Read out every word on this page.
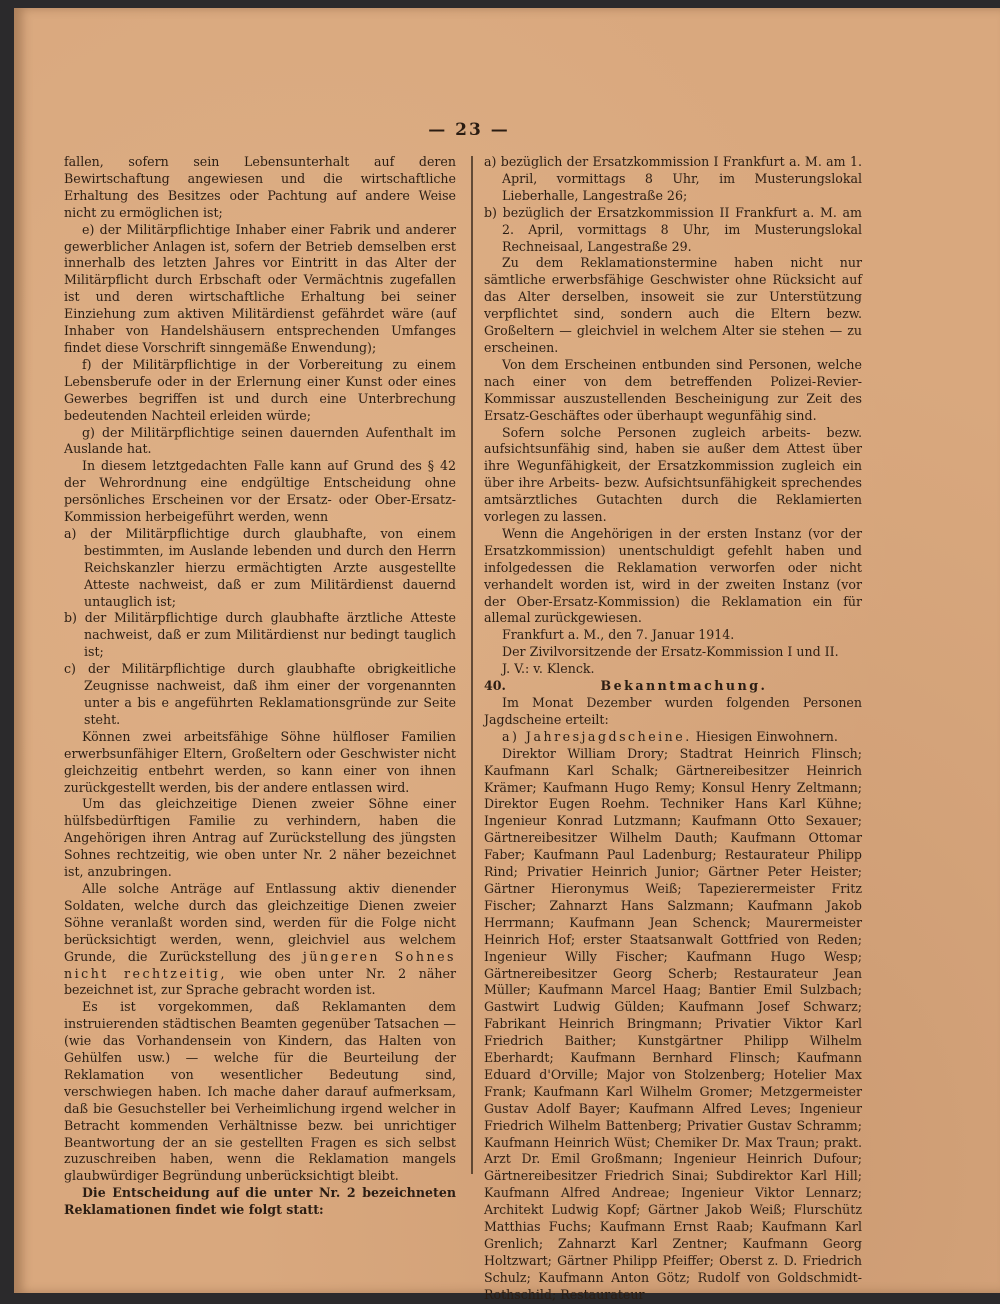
— 23 —

fallen, sofern sein Lebensunterhalt auf deren Bewirtschaftung angewiesen und die wirtschaftliche Erhaltung des Besitzes oder Pachtung auf andere Weise nicht zu ermöglichen ist;

e) der Militärpflichtige Inhaber einer Fabrik und anderer gewerblicher Anlagen ist, sofern der Betrieb demselben erst innerhalb des letzten Jahres vor Eintritt in das Alter der Militärpflicht durch Erbschaft oder Vermächtnis zugefallen ist und deren wirtschaftliche Erhaltung bei seiner Einziehung zum aktiven Militärdienst gefährdet wäre (auf Inhaber von Handelshäusern entsprechenden Umfanges findet diese Vorschrift sinngemäße Enwendung);

f) der Militärpflichtige in der Vorbereitung zu einem Lebensberufe oder in der Erlernung einer Kunst oder eines Gewerbes begriffen ist und durch eine Unterbrechung bedeutenden Nachteil erleiden würde;

g) der Militärpflichtige seinen dauernden Aufenthalt im Auslande hat.

In diesem letztgedachten Falle kann auf Grund des § 42 der Wehrordnung eine endgültige Entscheidung ohne persönliches Erscheinen vor der Ersatz- oder Ober-Ersatz-Kommission herbeigeführt werden, wenn

a) der Militärpflichtige durch glaubhafte, von einem bestimmten, im Auslande lebenden und durch den Herrn Reichskanzler hierzu ermächtigten Arzte ausgestellte Atteste nachweist, daß er zum Militärdienst dauernd untauglich ist;

b) der Militärpflichtige durch glaubhafte ärztliche Atteste nachweist, daß er zum Militärdienst nur bedingt tauglich ist;

c) der Militärpflichtige durch glaubhafte obrigkeitliche Zeugnisse nachweist, daß ihm einer der vorgenannten unter a bis e angeführten Reklamationsgründe zur Seite steht.

Können zwei arbeitsfähige Söhne hülfloser Familien erwerbsunfähiger Eltern, Großeltern oder Geschwister nicht gleichzeitig entbehrt werden, so kann einer von ihnen zurückgestellt werden, bis der andere entlassen wird.

Um das gleichzeitige Dienen zweier Söhne einer hülfsbedürftigen Familie zu verhindern, haben die Angehörigen ihren Antrag auf Zurückstellung des jüngsten Sohnes rechtzeitig, wie oben unter Nr. 2 näher bezeichnet ist, anzubringen.

Alle solche Anträge auf Entlassung aktiv dienender Soldaten, welche durch das gleichzeitige Dienen zweier Söhne veranlaßt worden sind, werden für die Folge nicht berücksichtigt werden, wenn, gleichviel aus welchem Grunde, die Zurückstellung des jüngeren Sohnes nicht rechtzeitig, wie oben unter Nr. 2 näher bezeichnet ist, zur Sprache gebracht worden ist.

Es ist vorgekommen, daß Reklamanten dem instruierenden städtischen Beamten gegenüber Tatsachen — (wie das Vorhandensein von Kindern, das Halten von Gehülfen usw.) — welche für die Beurteilung der Reklamation von wesentlicher Bedeutung sind, verschwiegen haben. Ich mache daher darauf aufmerksam, daß bie Gesuchsteller bei Verheimlichung irgend welcher in Betracht kommenden Verhältnisse bezw. bei unrichtiger Beantwortung der an sie gestellten Fragen es sich selbst zuzuschreiben haben, wenn die Reklamation mangels glaubwürdiger Begründung unberücksichtigt bleibt.

Die Entscheidung auf die unter Nr. 2 bezeichneten Reklamationen findet wie folgt statt:

a) bezüglich der Ersatzkommission I Frankfurt a. M. am 1. April, vormittags 8 Uhr, im Musterungslokal Lieberhalle, Langestraße 26;

b) bezüglich der Ersatzkommission II Frankfurt a. M. am 2. April, vormittags 8 Uhr, im Musterungslokal Rechneisaal, Langestraße 29.

Zu dem Reklamationstermine haben nicht nur sämtliche erwerbsfähige Geschwister ohne Rücksicht auf das Alter derselben, insoweit sie zur Unterstützung verpflichtet sind, sondern auch die Eltern bezw. Großeltern — gleichviel in welchem Alter sie stehen — zu erscheinen.

Von dem Erscheinen entbunden sind Personen, welche nach einer von dem betreffenden Polizei-Revier-Kommissar auszustellenden Bescheinigung zur Zeit des Ersatz-Geschäftes oder überhaupt wegunfähig sind.

Sofern solche Personen zugleich arbeits- bezw. aufsichtsunfähig sind, haben sie außer dem Attest über ihre Wegunfähigkeit, der Ersatzkommission zugleich ein über ihre Arbeits- bezw. Aufsichtsunfähigkeit sprechendes amtsärztliches Gutachten durch die Reklamierten vorlegen zu lassen.

Wenn die Angehörigen in der ersten Instanz (vor der Ersatzkommission) unentschuldigt gefehlt haben und infolgedessen die Reklamation verworfen oder nicht verhandelt worden ist, wird in der zweiten Instanz (vor der Ober-Ersatz-Kommission) die Reklamation ein für allemal zurückgewiesen.

Frankfurt a. M., den 7. Januar 1914.

Der Zivilvorsitzende der Ersatz-Kommission I und II.

J. V.: v. Klenck.

40.	Bekanntmachung.

Im Monat Dezember wurden folgenden Personen Jagdscheine erteilt:

a) Jahresjagdscheine. Hiesigen Einwohnern.

Direktor William Drory; Stadtrat Heinrich Flinsch; Kaufmann Karl Schalk; Gärtnereibesitzer Heinrich Krämer; Kaufmann Hugo Remy; Konsul Henry Zeltmann; Direktor Eugen Roehm. Techniker Hans Karl Kühne; Ingenieur Konrad Lutzmann; Kaufmann Otto Sexauer; Gärtnereibesitzer Wilhelm Dauth; Kaufmann Ottomar Faber; Kaufmann Paul Ladenburg; Restaurateur Philipp Rind; Privatier Heinrich Junior; Gärtner Peter Heister; Gärtner Hieronymus Weiß; Tapezierermeister Fritz Fischer; Zahnarzt Hans Salzmann; Kaufmann Jakob Herrmann; Kaufmann Jean Schenck; Maurermeister Heinrich Hof; erster Staatsanwalt Gottfried von Reden; Ingenieur Willy Fischer; Kaufmann Hugo Wesp; Gärtnereibesitzer Georg Scherb; Restaurateur Jean Müller; Kaufmann Marcel Haag; Bantier Emil Sulzbach; Gastwirt Ludwig Gülden; Kaufmann Josef Schwarz; Fabrikant Heinrich Bringmann; Privatier Viktor Karl Friedrich Baither; Kunstgärtner Philipp Wilhelm Eberhardt; Kaufmann Bernhard Flinsch; Kaufmann Eduard d'Orville; Major von Stolzenberg; Hotelier Max Frank; Kaufmann Karl Wilhelm Gromer; Metzgermeister Gustav Adolf Bayer; Kaufmann Alfred Leves; Ingenieur Friedrich Wilhelm Battenberg; Privatier Gustav Schramm; Kaufmann Heinrich Wüst; Chemiker Dr. Max Traun; prakt. Arzt Dr. Emil Großmann; Ingenieur Heinrich Dufour; Gärtnereibesitzer Friedrich Sinai; Subdirektor Karl Hill; Kaufmann Alfred Andreae; Ingenieur Viktor Lennarz; Architekt Ludwig Kopf; Gärtner Jakob Weiß; Flurschütz Matthias Fuchs; Kaufmann Ernst Raab; Kaufmann Karl Grenlich; Zahnarzt Karl Zentner; Kaufmann Georg Holtzwart; Gärtner Philipp Pfeiffer; Oberst z. D. Friedrich Schulz; Kaufmann Anton Götz; Rudolf von Goldschmidt-Rothschild; Restaurateur
